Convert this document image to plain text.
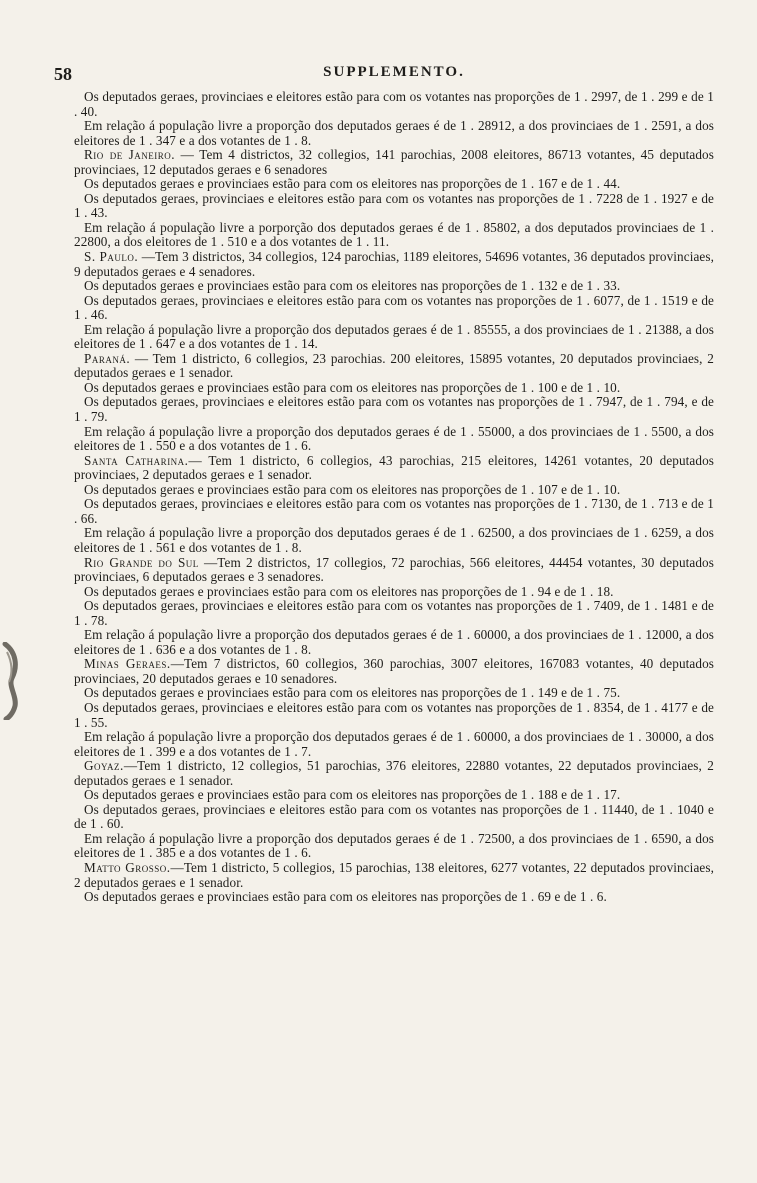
58	SUPPLEMENTO.

Os deputados geraes, provinciaes e eleitores estão para com os votantes nas proporções de 1 . 2997, de 1 . 299 e de 1 . 40.

Em relação á população livre a proporção dos deputados geraes é de 1 . 28912, a dos provinciaes de 1 . 2591, a dos eleitores de 1 . 347 e a dos votantes de 1 . 8.

Rio de Janeiro. — Tem 4 districtos, 32 collegios, 141 parochias, 2008 eleitores, 86713 votantes, 45 deputados provinciaes, 12 deputados geraes e 6 senadores

Os deputados geraes e provinciaes estão para com os eleitores nas proporções de 1 . 167 e de 1 . 44.

Os deputados geraes, provinciaes e eleitores estão para com os votantes nas proporções de 1 . 7228 de 1 . 1927 e de 1 . 43.

Em relação á população livre a porporção dos deputados geraes é de 1 . 85802, a dos deputados provinciaes de 1 . 22800, a dos eleitores de 1 . 510 e a dos votantes de 1 . 11.

S. Paulo. —Tem 3 districtos, 34 collegios, 124 parochias, 1189 eleitores, 54696 votantes, 36 deputados provinciaes, 9 deputados geraes e 4 senadores.

Os deputados geraes e provinciaes estão para com os eleitores nas proporções de 1 . 132 e de 1 . 33.

Os deputados geraes, provinciaes e eleitores estão para com os votantes nas proporções de 1 . 6077, de 1 . 1519 e de 1 . 46.

Em relação á população livre a proporção dos deputados geraes é de 1 . 85555, a dos provinciaes de 1 . 21388, a dos eleitores de 1 . 647 e a dos votantes de 1 . 14.

Paraná. — Tem 1 districto, 6 collegios, 23 parochias. 200 eleitores, 15895 votantes, 20 deputados provinciaes, 2 deputados geraes e 1 senador.

Os deputados geraes e provinciaes estão para com os eleitores nas proporções de 1 . 100 e de 1 . 10.

Os deputados geraes, provinciaes e eleitores estão para com os votantes nas proporções de 1 . 7947, de 1 . 794, e de 1 . 79.

Em relação á população livre a proporção dos deputados geraes é de 1 . 55000, a dos provinciaes de 1 . 5500, a dos eleitores de 1 . 550 e a dos votantes de 1 . 6.

Santa Catharina.— Tem 1 districto, 6 collegios, 43 parochias, 215 eleitores, 14261 votantes, 20 deputados provinciaes, 2 deputados geraes e 1 senador.

Os deputados geraes e provinciaes estão para com os eleitores nas proporções de 1 . 107 e de 1 . 10.

Os deputados geraes, provinciaes e eleitores estão para com os votantes nas proporções de 1 . 7130, de 1 . 713 e de 1 . 66.

Em relação á população livre a proporção dos deputados geraes é de 1 . 62500, a dos provinciaes de 1 . 6259, a dos eleitores de 1 . 561 e dos votantes de 1 . 8.

Rio Grande do Sul —Tem 2 districtos, 17 collegios, 72 parochias, 566 eleitores, 44454 votantes, 30 deputados provinciaes, 6 deputados geraes e 3 senadores.

Os deputados geraes e provinciaes estão para com os eleitores nas proporções de 1 . 94 e de 1 . 18.

Os deputados geraes, provinciaes e eleitores estão para com os votantes nas proporções de 1 . 7409, de 1 . 1481 e de 1 . 78.

Em relação á população livre a proporção dos deputados geraes é de 1 . 60000, a dos provinciaes de 1 . 12000, a dos eleitores de 1 . 636 e a dos votantes de 1 . 8.

Minas Geraes.—Tem 7 districtos, 60 collegios, 360 parochias, 3007 eleitores, 167083 votantes, 40 deputados provinciaes, 20 deputados geraes e 10 senadores.

Os deputados geraes e provinciaes estão para com os eleitores nas proporções de 1 . 149 e de 1 . 75.

Os deputados geraes, provinciaes e eleitores estão para com os votantes nas proporções de 1 . 8354, de 1 . 4177 e de 1 . 55.

Em relação á população livre a proporção dos deputados geraes é de 1 . 60000, a dos provinciaes de 1 . 30000, a dos eleitores de 1 . 399 e a dos votantes de 1 . 7.

Goyaz.—Tem 1 districto, 12 collegios, 51 parochias, 376 eleitores, 22880 votantes, 22 deputados provinciaes, 2 deputados geraes e 1 senador.

Os deputados geraes e provinciaes estão para com os eleitores nas proporções de 1 . 188 e de 1 . 17.

Os deputados geraes, provinciaes e eleitores estão para com os votantes nas proporções de 1 . 11440, de 1 . 1040 e de 1 . 60.

Em relação á população livre a proporção dos deputados geraes é de 1 . 72500, a dos provinciaes de 1 . 6590, a dos eleitores de 1 . 385 e a dos votantes de 1 . 6.

Matto Grosso.—Tem 1 districto, 5 collegios, 15 parochias, 138 eleitores, 6277 votantes, 22 deputados provinciaes, 2 deputados geraes e 1 senador.

Os deputados geraes e provinciaes estão para com os eleitores nas proporções de 1 . 69 e de 1 . 6.
